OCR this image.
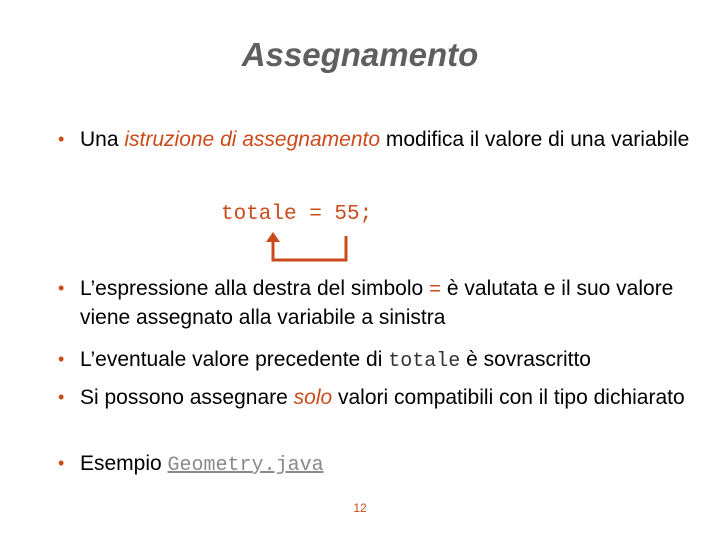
Assegnamento
• Una istruzione di assegnamento modifica il valore di una variabile
totale = 55;
• L’espressione alla destra del simbolo = è valutata e il suo valore viene assegnato alla variabile a sinistra
• L’eventuale valore precedente di totale è sovrascritto
• Si possono assegnare solo valori compatibili con il tipo dichiarato
• Esempio Geometry.java
12
